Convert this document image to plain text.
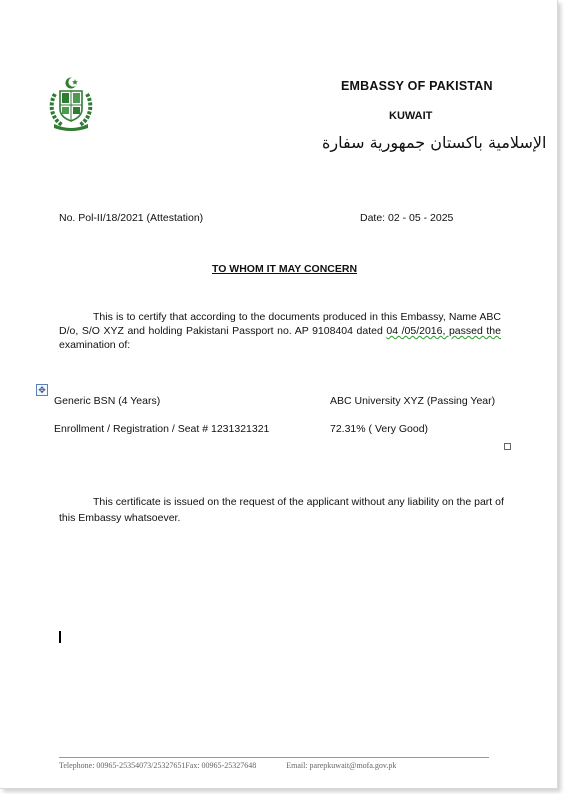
EMBASSY OF PAKISTAN
KUWAIT
الإسلامية باكستان جمهورية سفارة
No. Pol-II/18/2021 (Attestation)	Date: 02 - 05 - 2025
TO WHOM IT MAY CONCERN
This is to certify that according to the documents produced in this Embassy, Name ABC D/o, S/O XYZ and holding Pakistani Passport no. AP 9108404 dated 04 /05/2016, passed the examination of:
✥
Generic BSN (4 Years)	ABC University XYZ (Passing Year)
Enrollment / Registration / Seat # 1231321321	72.31% ( Very Good)
This certificate is issued on the request of the applicant without any liability on the part of this Embassy whatsoever.
Telephone: 00965-25354073/25327651Fax: 00965-25327648	Email: parepkuwait@mofa.gov.pk
